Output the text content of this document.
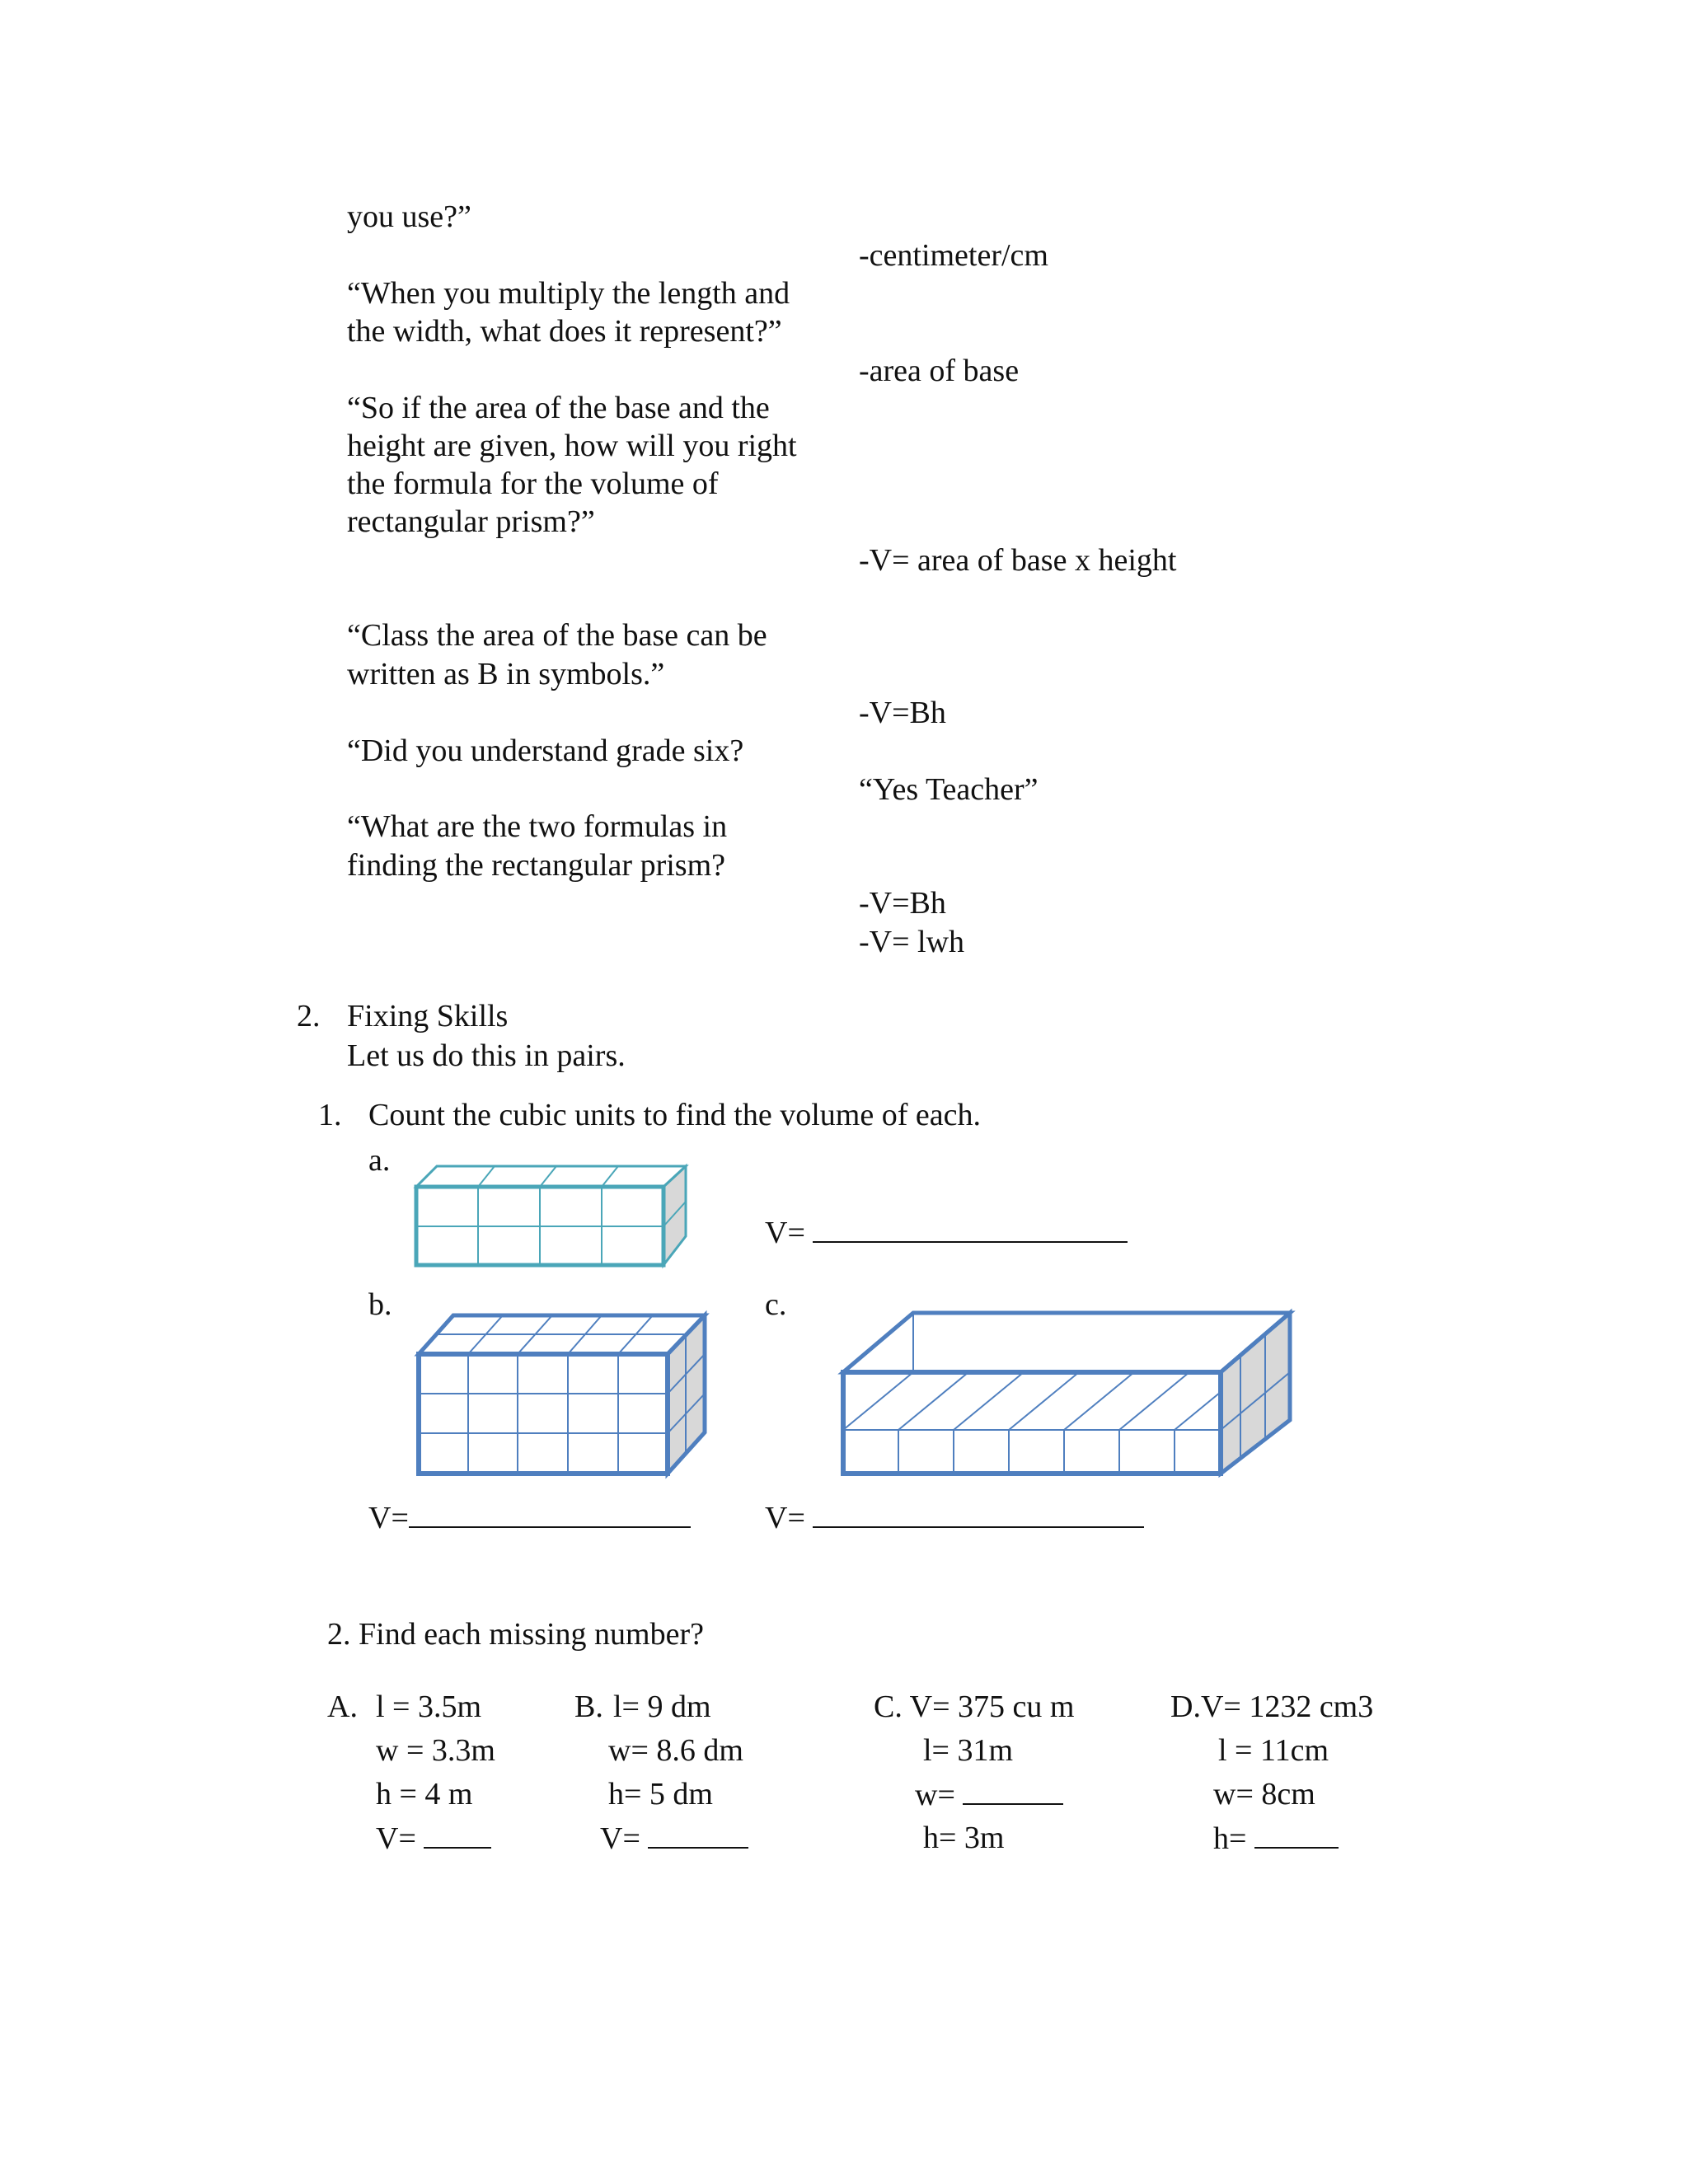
you use?”
“When you multiply the length and
the width, what does it represent?”
“So if the area of the base and the
height are given, how will you right
the formula for the volume of
rectangular prism?”
“Class the area of the base can be
written as B in symbols.”
“Did you understand grade six?
“What are the two formulas in
finding the rectangular prism?
-centimeter/cm
-area of base
-V= area of base x height
-V=Bh
“Yes Teacher”
-V=Bh
-V= lwh
2. Fixing Skills
Let us do this in pairs.
1. Count the cubic units to find the volume of each.
a.
V=
b.	c.
V=	V=
2. Find each missing number?
A. l = 3.5m
w = 3.3m
h = 4 m
V=
B. l= 9 dm
w= 8.6 dm
h= 5 dm
V=
C. V= 375 cu m
l= 31m
w=
h= 3m
D.V= 1232 cm3
l = 11cm
w= 8cm
h=
